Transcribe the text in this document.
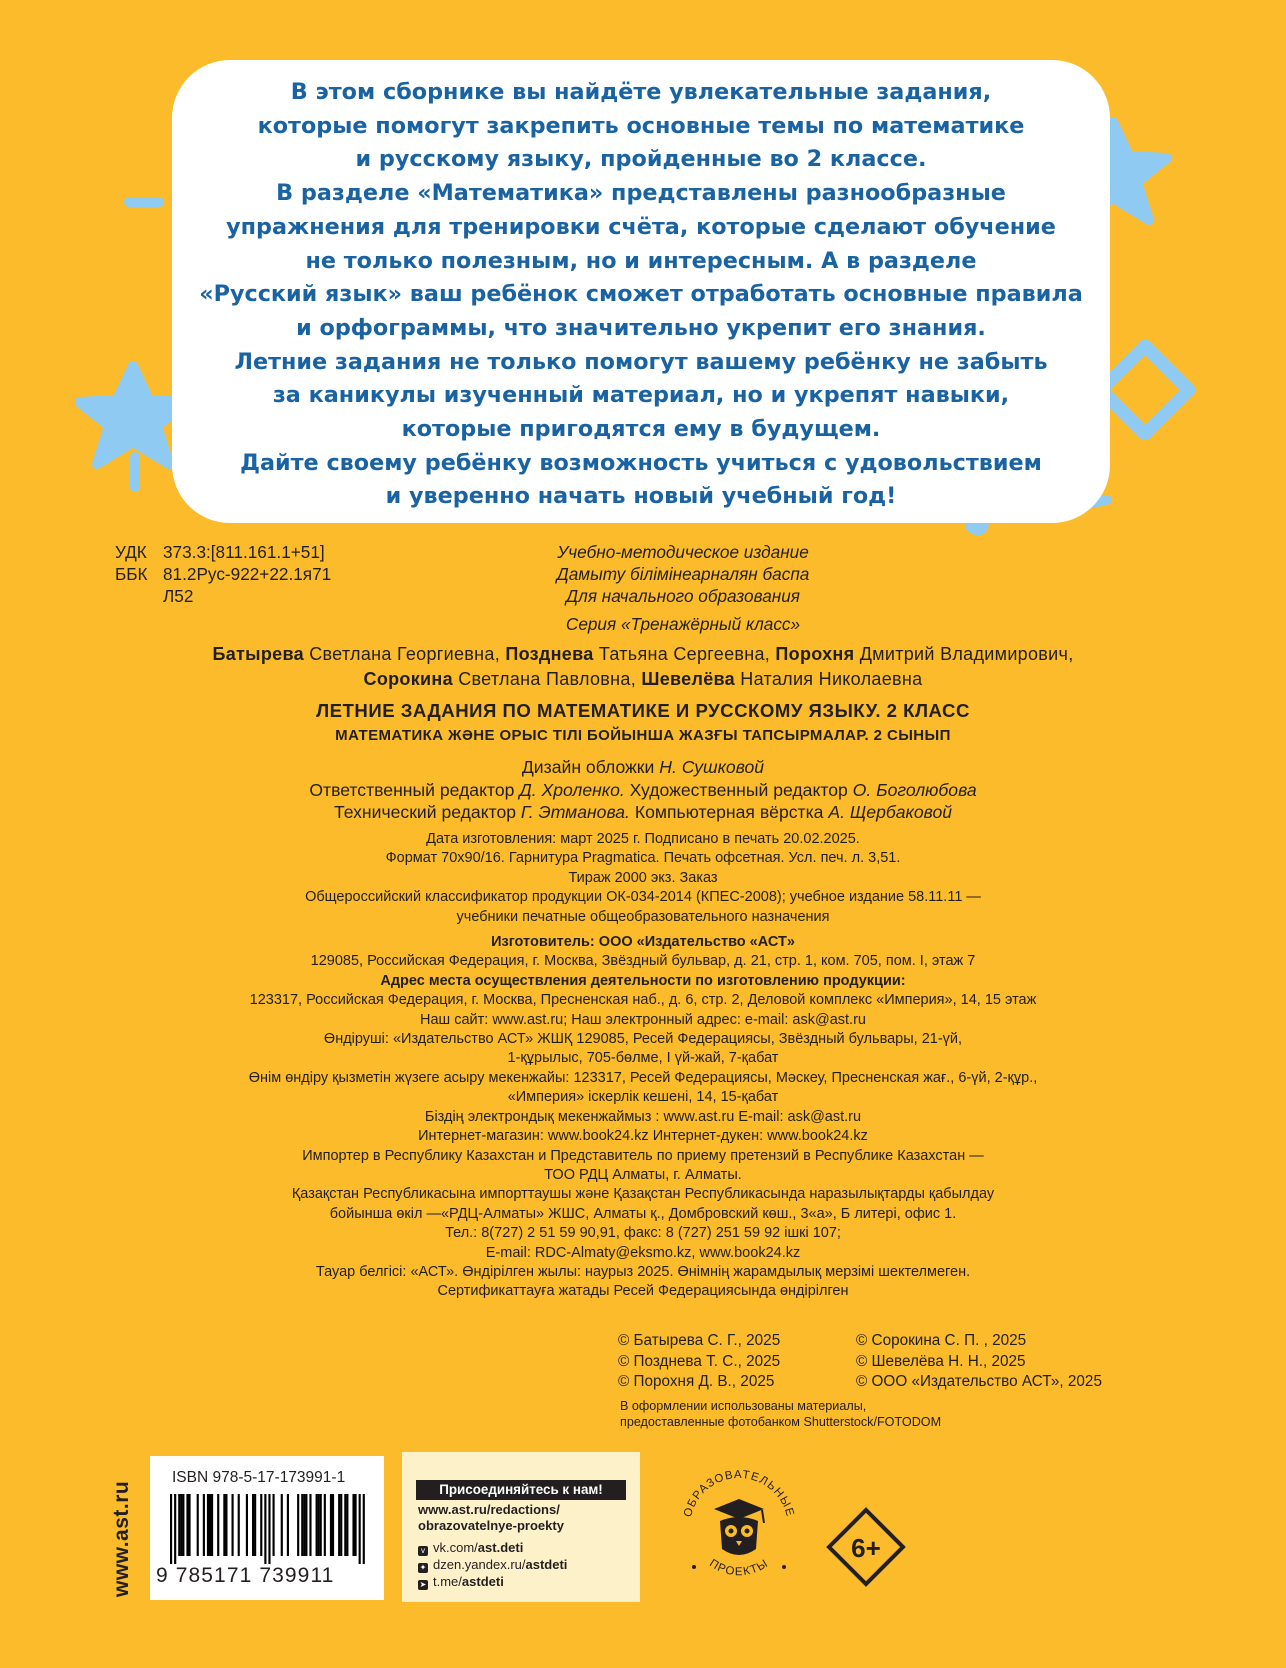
В этом сборнике вы найдёте увлекательные задания,
которые помогут закрепить основные темы по математике
и русскому языку, пройденные во 2 классе.
В разделе «Математика» представлены разнообразные
упражнения для тренировки счёта, которые сделают обучение
не только полезным, но и интересным. А в разделе
«Русский язык» ваш ребёнок сможет отработать основные правила
и орфограммы, что значительно укрепит его знания.
Летние задания не только помогут вашему ребёнку не забыть
за каникулы изученный материал, но и укрепят навыки,
которые пригодятся ему в будущем.
Дайте своему ребёнку возможность учиться с удовольствием
и уверенно начать новый учебный год!
УДК 373.3:[811.161.1+51]
ББК 81.2Рус-922+22.1я71
Л52
Учебно-методическое издание
Дамыту білімінеарналян баспа
Для начального образования
Серия «Тренажёрный класс»
Батырева Светлана Георгиевна, Позднева Татьяна Сергеевна, Порохня Дмитрий Владимирович,
Сорокина Светлана Павловна, Шевелёва Наталия Николаевна
ЛЕТНИЕ ЗАДАНИЯ ПО МАТЕМАТИКЕ И РУССКОМУ ЯЗЫКУ. 2 КЛАСС
МАТЕМАТИКА ЖӘНЕ ОРЫС ТІЛІ БОЙЫНША ЖАЗҒЫ ТАПСЫРМАЛАР. 2 СЫНЫП
Дизайн обложки Н. Сушковой
Ответственный редактор Д. Хроленко. Художественный редактор О. Боголюбова
Технический редактор Г. Этманова. Компьютерная вёрстка А. Щербаковой
Дата изготовления: март 2025 г. Подписано в печать 20.02.2025.
Формат 70х90/16. Гарнитура Pragmatica. Печать офсетная. Усл. печ. л. 3,51.
Тираж 2000 экз. Заказ
Общероссийский классификатор продукции ОК-034-2014 (КПЕС-2008); учебное издание 58.11.11 —
учебники печатные общеобразовательного назначения
Изготовитель: ООО «Издательство «АСТ»
129085, Российская Федерация, г. Москва, Звёздный бульвар, д. 21, стр. 1, ком. 705, пом. I, этаж 7
Адрес места осуществления деятельности по изготовлению продукции:
123317, Российская Федерация, г. Москва, Пресненская наб., д. 6, стр. 2, Деловой комплекс «Империя», 14, 15 этаж
Наш сайт: www.ast.ru; Наш электронный адрес: e-mail: ask@ast.ru
Өндіруші: «Издательство АСТ» ЖШҚ 129085, Ресей Федерациясы, Звёздный бульвары, 21-үй,
1-құрылыс, 705-бөлме, I үй-жай, 7-қабат
Өнім өндіру қызметін жүзеге асыру мекенжайы: 123317, Ресей Федерациясы, Мәскеу, Пресненская жағ., 6-үй, 2-құр.,
«Империя» іскерлік кешені, 14, 15-қабат
Біздің электрондық мекенжаймыз : www.ast.ru E-mail: ask@ast.ru
Интернет-магазин: www.book24.kz Интернет-дукен: www.book24.kz
Импортер в Республику Казахстан и Представитель по приему претензий в Республике Казахстан —
ТОО РДЦ Алматы, г. Алматы.
Қазақстан Республикасына импорттаушы және Қазақстан Республикасында наразылықтарды қабылдау
бойынша өкіл —«РДЦ-Алматы» ЖШС, Алматы қ., Домбровский көш., 3«а», Б литері, офис 1.
Тел.: 8(727) 2 51 59 90,91, факс: 8 (727) 251 59 92 ішкі 107;
E-mail: RDC-Almaty@eksmo.kz, www.book24.kz
Тауар белгісі: «АСТ». Өндірілген жылы: наурыз 2025. Өнімнің жарамдылық мерзімі шектелмеген.
Сертификаттауға жатады Ресей Федерациясында өндірілген
© Батырева С. Г., 2025
© Позднева Т. С., 2025
© Порохня Д. В., 2025
© Сорокина С. П. , 2025
© Шевелёва Н. Н., 2025
© ООО «Издательство АСТ», 2025
В оформлении использованы материалы,
предоставленные фотобанком Shutterstock/FOTODOM
www.ast.ru
ISBN 978-5-17-173991-1
9 785171 739911
Присоединяйтесь к нам!
www.ast.ru/redactions/
obrazovatelnye-proekty
v vk.com/ast.deti
✦ dzen.yandex.ru/astdeti
➤ t.me/astdeti
ОБРАЗОВАТЕЛЬНЫЕ
ПРОЕКТЫ
6+
